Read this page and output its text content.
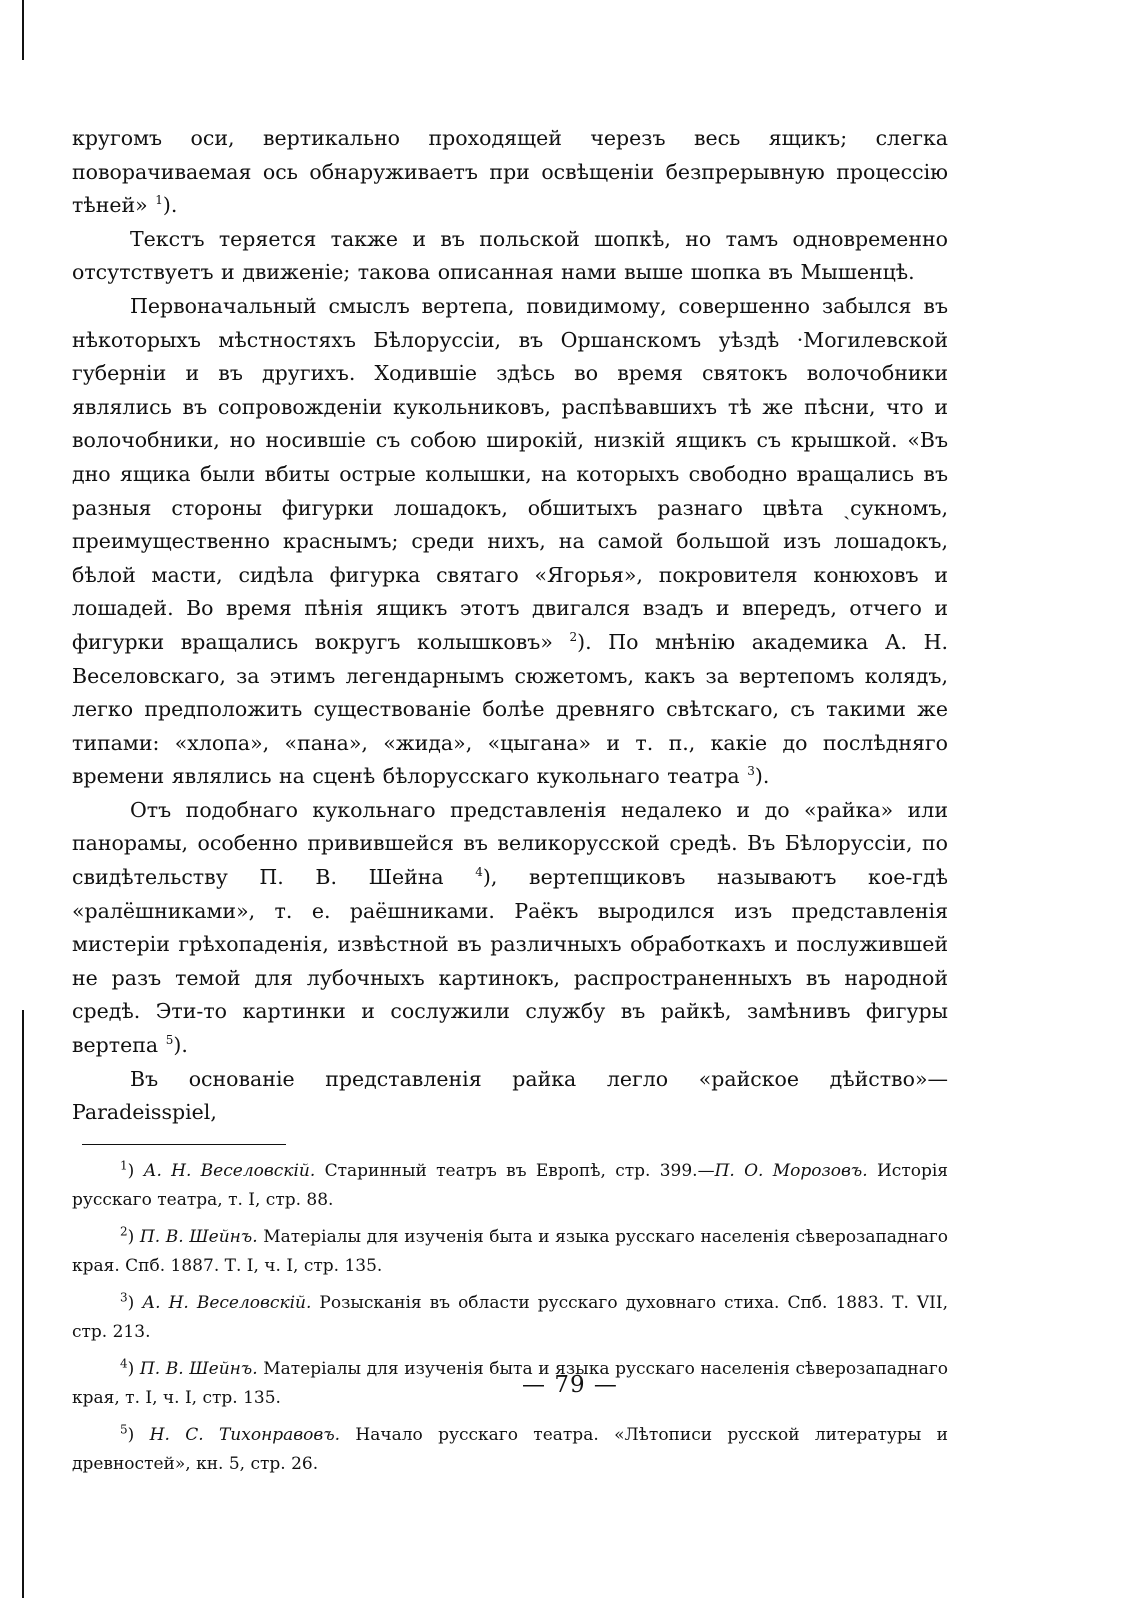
кругомъ оси, вертикально проходящей черезъ весь ящикъ; слегка поворачиваемая ось обнаруживаетъ при освѣщеніи безпрерывную процессію тѣней» $^1$).

Текстъ теряется также и въ польской шопкѣ, но тамъ одновременно отсутствуетъ и движеніе; такова описанная нами выше шопка въ Мышенцѣ.

Первоначальный смыслъ вертепа, повидимому, совершенно забылся въ нѣкоторыхъ мѣстностяхъ Бѣлоруссіи, въ Оршанскомъ уѣздѣ ·Могилевской губерніи и въ другихъ. Ходившіе здѣсь во время святокъ волочобники являлись въ сопровожденіи кукольниковъ, распѣвавшихъ тѣ же пѣсни, что и волочобники, но носившіе съ собою широкій, низкій ящикъ съ крышкой. «Въ дно ящика были вбиты острые колышки, на которыхъ свободно вращались въ разныя стороны фигурки лошадокъ, обшитыхъ разнаго цвѣта ˎсукномъ, преимущественно краснымъ; среди нихъ, на самой большой изъ лошадокъ, бѣлой масти, сидѣла фигурка святаго «Ягорья», покровителя конюховъ и лошадей. Во время пѣнія ящикъ этотъ двигался взадъ и впередъ, отчего и фигурки вращались вокругъ колышковъ» $^2$). По мнѣнію академика А. Н. Веселовскаго, за этимъ легендарнымъ сюжетомъ, какъ за вертепомъ колядъ, легко предположить существованіе болѣе древняго свѣтскаго, съ такими же типами: «хлопа», «пана», «жида», «цыгана» и т. п., какіе до послѣдняго времени являлись на сценѣ бѣлорусскаго кукольнаго театра $^3$).

Отъ подобнаго кукольнаго представленія недалеко и до «райка» или панорамы, особенно привившейся въ великорусской средѣ. Въ Бѣлоруссіи, по свидѣтельству П. В. Шейна	$^4$), вертепщиковъ называютъ кое-гдѣ «ралёшниками», т. е. раёшниками. Раёкъ выродился изъ представленія мистеріи грѣхопаденія, извѣстной въ различныхъ обработкахъ и послужившей не разъ темой для лубочныхъ картинокъ, распространенныхъ въ народной средѣ. Эти-то картинки и сослужили службу въ райкѣ, замѣнивъ фигуры вертепа $^5$).

Въ основаніе представленія райка легло «райское дѣйство»—Paradeisspiel,

$^1$) А. Н. Веселовскій. Старинный театръ въ Европѣ, стр. 399.—П. О. Морозовъ. Исторія русскаго театра, т. I, стр. 88.

$^2$) П. В. Шейнъ. Матеріалы для изученія быта и языка русскаго населенія сѣверозападнаго края. Спб. 1887. Т. I, ч. I, стр. 135.

$^3$) А. Н. Веселовскій. Розысканія въ области русскаго духовнаго стиха. Спб. 1883. Т. VII, стр. 213.

$^4$) П. В. Шейнъ. Матеріалы для изученія быта и языка русскаго населенія сѣверозападнаго края, т. I, ч. I, стр. 135.

$^5$) Н. С. Тихонравовъ. Начало русскаго театра. «Лѣтописи русской литературы и древностей», кн. 5, стр. 26.

— 79 —
